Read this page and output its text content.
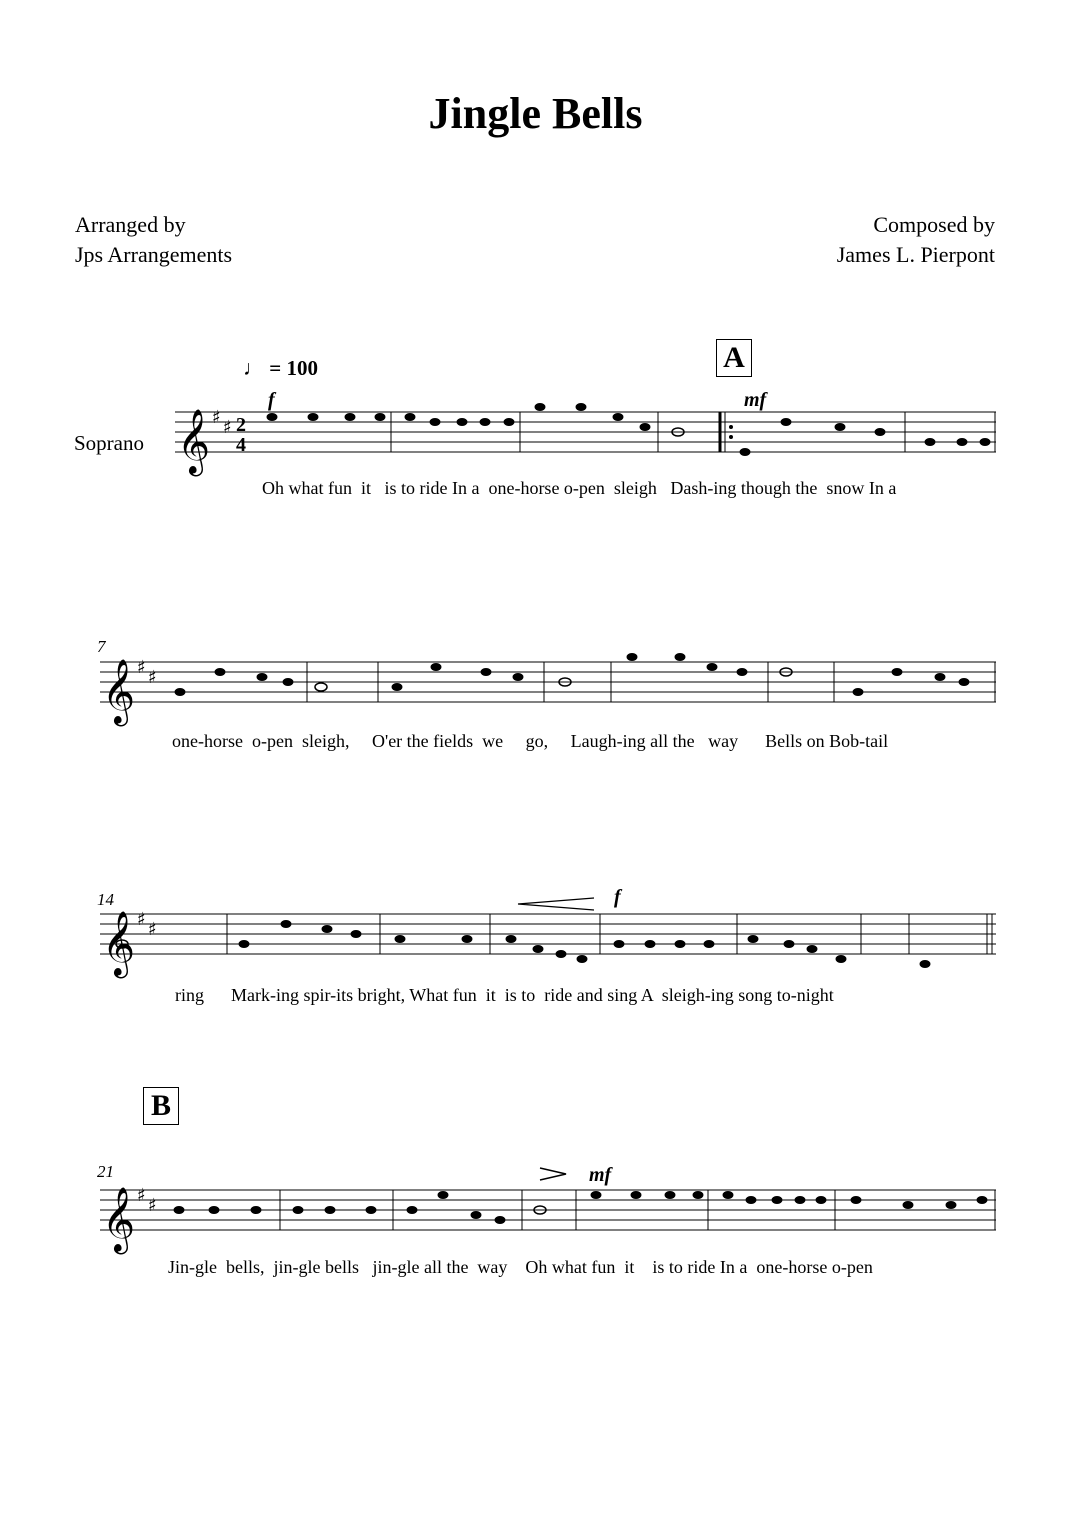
Jingle Bells
Arranged by
Jps Arrangements
Composed by
James L. Pierpont
♩ = 100	A
B
Soprano
f	mf
𝄞 ♯ ♯ 2
4
Oh what fun  it   is to ride In a  one-horse o-pen  sleigh   Dash-ing though the  snow In a
7
𝄞 ♯ ♯
one-horse  o-pen  sleigh,     O'er the fields  we     go,     Laugh-ing all the   way      Bells on Bob-tail
14	f
𝄞 ♯ ♯
ring      Mark-ing spir-its bright, What fun  it  is to  ride and sing A  sleigh-ing song to-night
21	mf
𝄞 ♯ ♯
Jin-gle  bells,  jin-gle bells   jin-gle all the  way    Oh what fun  it    is to ride In a  one-horse o-pen
